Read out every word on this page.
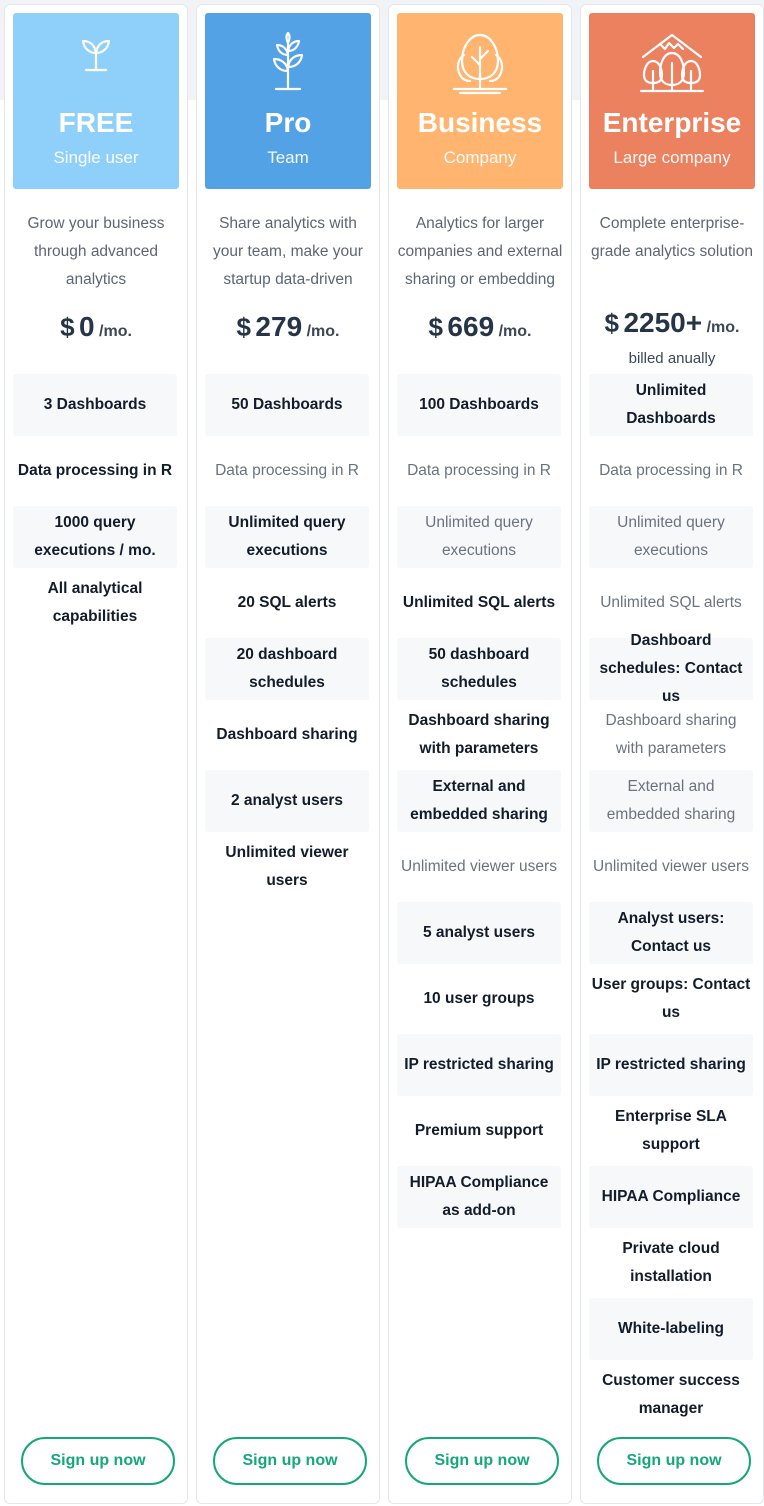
FREE
Single user
Grow your business through advanced analytics
$ 0 /mo.
3 Dashboards
Data processing in R
1000 query executions / mo.
All analytical capabilities
Sign up now
Pro
Team
Share analytics with your team, make your startup data-driven
$ 279 /mo.
50 Dashboards
Data processing in R
Unlimited query executions
20 SQL alerts
20 dashboard schedules
Dashboard sharing
2 analyst users
Unlimited viewer users
Sign up now
Business
Company
Analytics for larger companies and external sharing or embedding
$ 669 /mo.
100 Dashboards
Data processing in R
Unlimited query executions
Unlimited SQL alerts
50 dashboard schedules
Dashboard sharing with parameters
External and embedded sharing
Unlimited viewer users
5 analyst users
10 user groups
IP restricted sharing
Premium support
HIPAA Compliance as add-on
Sign up now
Enterprise
Large company
Complete enterprise-grade analytics solution
$ 2250+ /mo.
billed anually
Unlimited Dashboards
Data processing in R
Unlimited query executions
Unlimited SQL alerts
Dashboard schedules: Contact us
Dashboard sharing with parameters
External and embedded sharing
Unlimited viewer users
Analyst users: Contact us
User groups: Contact us
IP restricted sharing
Enterprise SLA support
HIPAA Compliance
Private cloud installation
White-labeling
Customer success manager
Sign up now
